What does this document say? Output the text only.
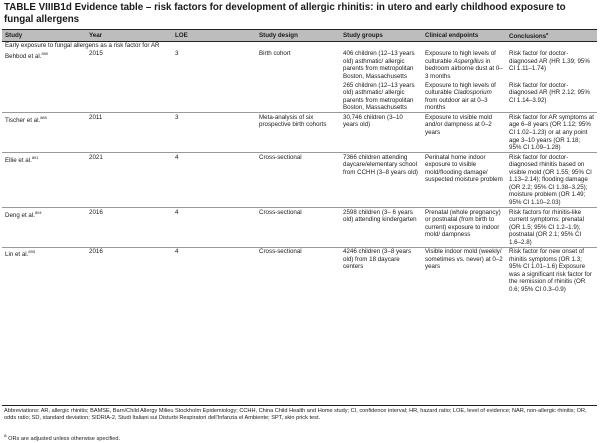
TABLE VIIIB1d Evidence table – risk factors for development of allergic rhinitis: in utero and early childhood exposure to fungal allergens
Study	Year	LOE	Study design	Study groups	Clinical endpoints	Conclusions$^a$
Early exposure to fungal allergens as a risk factor for AR						
Behbod et al.$^{890}$	2015	3	Birth cohort	406 children (12–13 years old) asthmatic/ allergic parents from metropolitan Boston, Massachusetts	Exposure to high levels of culturable Aspergillus in bedroom airborne dust at 0–3 months	Risk factor for doctor-diagnosed AR (HR 1.39; 95% CI 1.11–1.74)
				265 children (12–13 years old) asthmatic/ allergic parents from metropolitan Boston, Massachusetts	Exposure to high levels of culturable Cladosporium from outdoor air at 0–3 months	Risk factor for doctor-diagnosed AR (HR 2.12; 95% CI 1.14–3.92)
Tischer et al.$^{889}$	2011	3	Meta-analysis of six prospective birth cohorts	30,746 children (3–10 years old)	Exposure to visible mold and/or dampness at 0–2 years	Risk factor for AR symptoms at age 6–8 years (OR 1.12; 95% CI 1.02–1.23) or at any point age 3–10 years (OR 1.18; 95% CI 1.09–1.28)
Ellie et al.$^{891}$	2021	4	Cross-sectional	7366 children attending daycare/elementary school from CCHH (3–8 years old)	Perinatal home indoor exposure to visible mold/flooding damage/ suspected moisture problem	Risk factor for doctor-diagnosed rhinitis based on visible mold (OR 1.55; 95% CI 1.13–2.14); flooding damage (OR 2.2; 95% CI 1.38–3.25); moisture problem (OR 1.49; 95% CI 1.10–2.03)
Deng et al.$^{894}$	2016	4	Cross-sectional	2598 children (3– 6 years old) attending kindergarten	Prenatal (whole pregnancy) or postnatal (from birth to current) exposure to indoor mold/ dampness	Risk factors for rhinitis-like current symptoms: prenatal (OR 1.5; 95% CI 1.2–1.9); postnatal (OR 2.1; 95% CI 1.6–2.8)
Lin et al.$^{895}$	2016	4	Cross-sectional	4246 children (3–8 years old) from 18 daycare centers	Visible indoor mold (weekly/ sometimes vs. never) at 0–2 years	Risk factor for new onset of rhinitis symptoms (OR 1.3; 95% CI 1.01–1.6) Exposure was a significant risk factor for the remission of rhinitis (OR 0.6; 95% CI 0.3–0.9)
Abbreviations: AR, allergic rhinitis; BAMSE, Barn/Child Allergy Milieu Stockholm Epidemiology; CCHH, China Child Health and Home study; CI, confidence interval; HR, hazard ratio; LOE, level of evidence; NAR, non-allergic rhinitis; OR, odds ratio; SD, standard deviation; SIDRIA-2, Studi Italiani sui Disturbi Respiratori dell'Infanzia el Ambiente; SPT, skin prick test.
$^a$ ORs are adjusted unless otherwise specified.
